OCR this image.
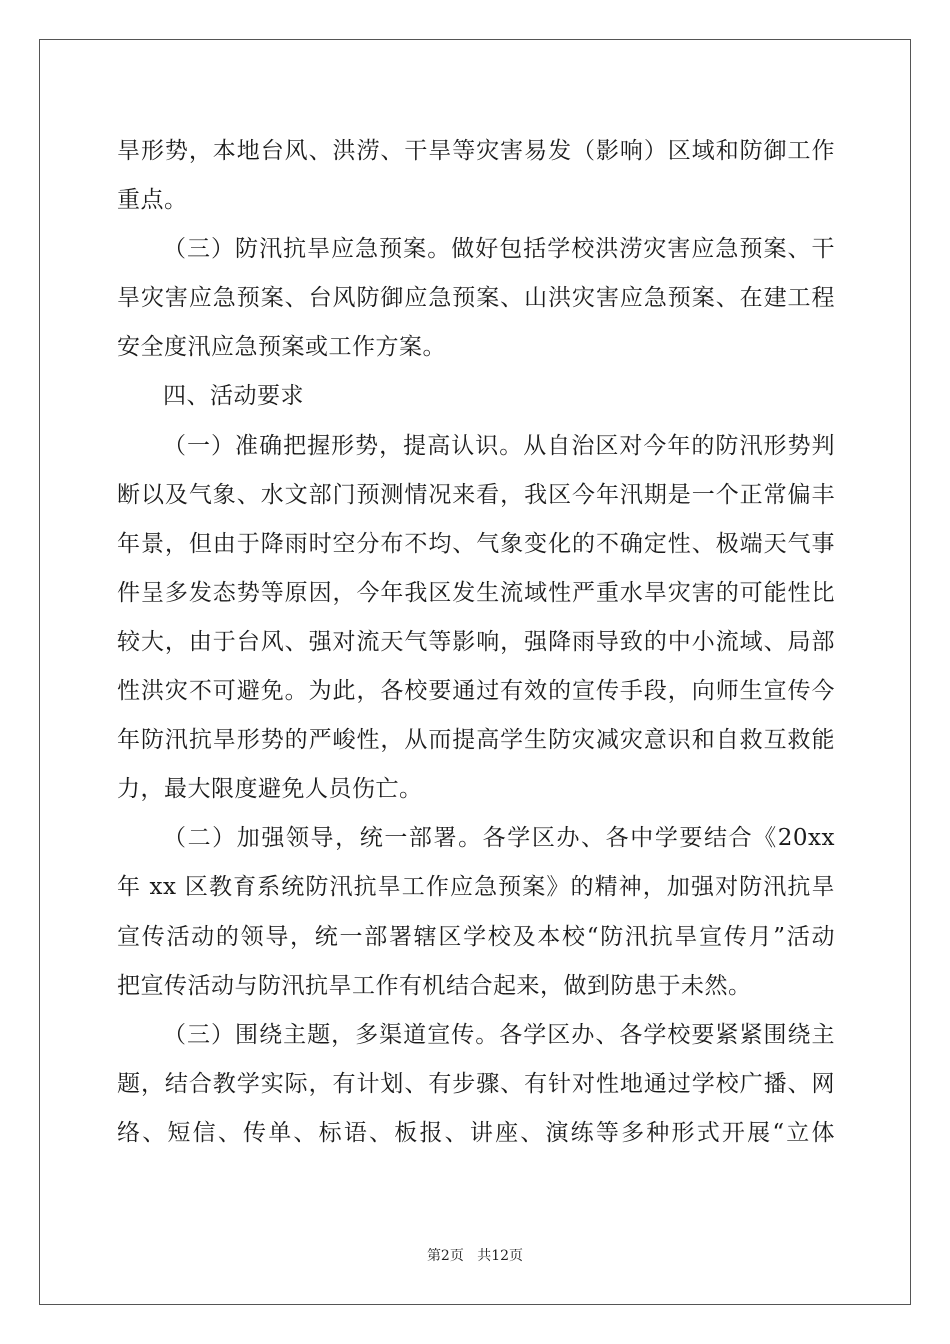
旱形势，本地台风、洪涝、干旱等灾害易发（影响）区域和防御工作
重点。
（三）防汛抗旱应急预案。做好包括学校洪涝灾害应急预案、干
旱灾害应急预案、台风防御应急预案、山洪灾害应急预案、在建工程
安全度汛应急预案或工作方案。
四、活动要求
（一）准确把握形势，提高认识。从自治区对今年的防汛形势判
断以及气象、水文部门预测情况来看，我区今年汛期是一个正常偏丰
年景，但由于降雨时空分布不均、气象变化的不确定性、极端天气事
件呈多发态势等原因，今年我区发生流域性严重水旱灾害的可能性比
较大，由于台风、强对流天气等影响，强降雨导致的中小流域、局部
性洪灾不可避免。为此，各校要通过有效的宣传手段，向师生宣传今
年防汛抗旱形势的严峻性，从而提高学生防灾减灾意识和自救互救能
力，最大限度避免人员伤亡。
（二）加强领导，统一部署。各学区办、各中学要结合《20xx
年 xx 区教育系统防汛抗旱工作应急预案》的精神，加强对防汛抗旱
宣传活动的领导，统一部署辖区学校及本校“防汛抗旱宣传月”活动
把宣传活动与防汛抗旱工作有机结合起来，做到防患于未然。
（三）围绕主题，多渠道宣传。各学区办、各学校要紧紧围绕主
题，结合教学实际，有计划、有步骤、有针对性地通过学校广播、网
络、短信、传单、标语、板报、讲座、演练等多种形式开展“立体
第2页 共12页
